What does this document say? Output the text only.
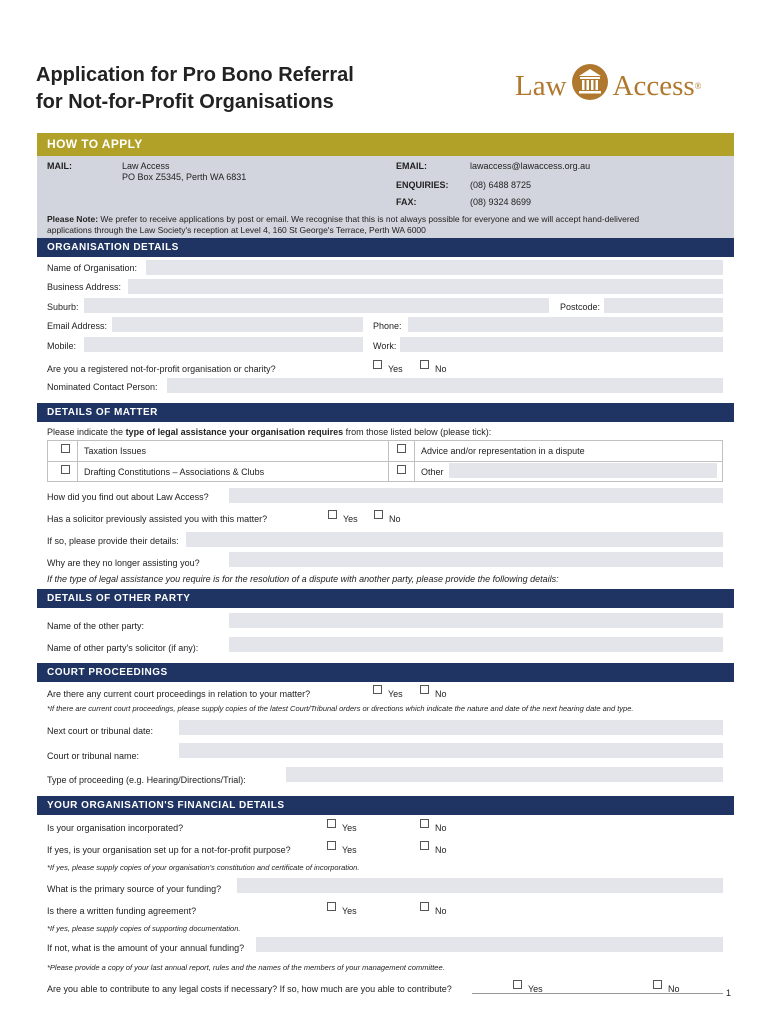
Application for Pro Bono Referral
for Not-for-Profit Organisations
Law Access ®
HOW TO APPLY
MAIL:	Law Access
PO Box Z5345, Perth WA 6831
EMAIL:	lawaccess@lawaccess.org.au
ENQUIRIES: (08) 6488 8725
FAX:	(08) 9324 8699
Please Note: We prefer to receive applications by post or email. We recognise that this is not always possible for everyone and we will accept hand-delivered
applications through the Law Society's reception at Level 4, 160 St George's Terrace, Perth WA 6000
ORGANISATION DETAILS
Name of Organisation:
Business Address:
Suburb:	Postcode:
Email Address:	Phone:
Mobile:	Work:
Are you a registered not-for-profit organisation or charity?	Yes	No
Nominated Contact Person:
DETAILS OF MATTER
Please indicate the type of legal assistance your organisation requires from those listed below (please tick):
Taxation Issues	Advice and/or representation in a dispute
Drafting Constitutions – Associations & Clubs	Other
How did you find out about Law Access?
Has a solicitor previously assisted you with this matter?	Yes	No
If so, please provide their details:
Why are they no longer assisting you?
If the type of legal assistance you require is for the resolution of a dispute with another party, please provide the following details:
DETAILS OF OTHER PARTY
Name of the other party:
Name of other party's solicitor (if any):
COURT PROCEEDINGS
Are there any current court proceedings in relation to your matter?	Yes	No
*If there are current court proceedings, please supply copies of the latest Court/Tribunal orders or directions which indicate the nature and date of the next hearing date and type.
Next court or tribunal date:
Court or tribunal name:
Type of proceeding (e.g. Hearing/Directions/Trial):
YOUR ORGANISATION'S FINANCIAL DETAILS
Is your organisation incorporated?	Yes	No
If yes, is your organisation set up for a not-for-profit purpose?	Yes	No
*If yes, please supply copies of your organisation's constitution and certificate of incorporation.
What is the primary source of your funding?
Is there a written funding agreement?	Yes	No
*If yes, please supply copies of supporting documentation.
If not, what is the amount of your annual funding?
*Please provide a copy of your last annual report, rules and the names of the members of your management committee.
Are you able to contribute to any legal costs if necessary? If so, how much are you able to contribute?	Yes	No	1
